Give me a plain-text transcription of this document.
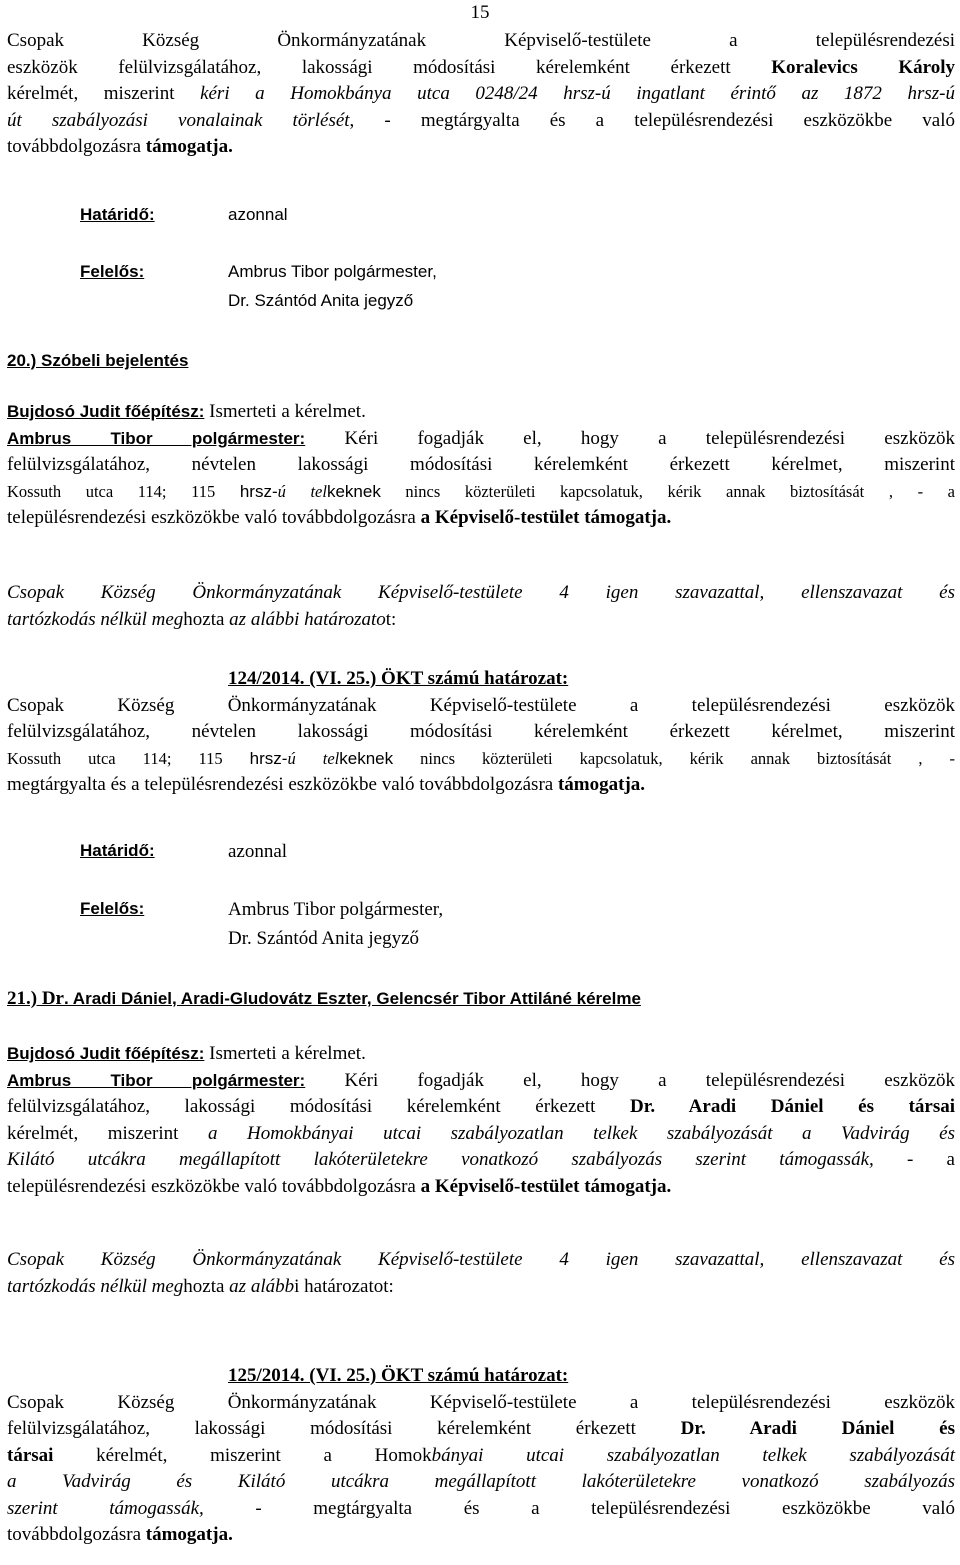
15
Csopak	Község	Önkormányzatának	Képviselő-testülete	a	településrendezési
eszközök felülvizsgálatához, lakossági módosítási kérelemként érkezett Koralevics Károly
kérelmét, miszerint kéri a Homokbánya utca 0248/24 hrsz-ú ingatlant érintő az 1872 hrsz-ú
út szabályozási vonalainak törlését, - megtárgyalta és a településrendezési eszközökbe való
továbbdolgozásra támogatja.
Határidő:	azonnal
Felelős:	Ambrus Tibor polgármester,
Dr. Szántód Anita jegyző
20.) Szóbeli bejelentés
Bujdosó Judit főépítész: Ismerteti a kérelmet.
Ambrus Tibor polgármester: Kéri fogadják el, hogy a településrendezési eszközök
felülvizsgálatához, névtelen lakossági módosítási kérelemként érkezett kérelmet, miszerint
Kossuth utca 114; 115 hrsz-ú telkeknek nincs közterületi kapcsolatuk, kérik annak biztosítását , - a
településrendezési eszközökbe való továbbdolgozásra a Képviselő-testület támogatja.
Csopak Község Önkormányzatának Képviselő-testülete 4 igen szavazattal, ellenszavazat és
tartózkodás nélkül meghozta az alábbi határozatot:
124/2014. (VI. 25.) ÖKT számú határozat:
Csopak Község Önkormányzatának Képviselő-testülete a településrendezési eszközök
felülvizsgálatához, névtelen lakossági módosítási kérelemként érkezett kérelmet, miszerint
Kossuth utca 114; 115 hrsz-ú telkeknek nincs közterületi kapcsolatuk, kérik annak biztosítását , -
megtárgyalta és a településrendezési eszközökbe való továbbdolgozásra támogatja.
Határidő:	azonnal
Felelős:	Ambrus Tibor polgármester,
Dr. Szántód Anita jegyző
21.) Dr. Aradi Dániel, Aradi-Gludovátz Eszter, Gelencsér Tibor Attiláné kérelme
Bujdosó Judit főépítész: Ismerteti a kérelmet.
Ambrus Tibor polgármester: Kéri fogadják el, hogy a településrendezési eszközök
felülvizsgálatához, lakossági módosítási kérelemként érkezett Dr. Aradi Dániel és társai
kérelmét, miszerint a Homokbányai utcai szabályozatlan telkek szabályozását a Vadvirág és
Kilátó utcákra megállapított lakóterületekre vonatkozó szabályozás szerint támogassák, - a
településrendezési eszközökbe való továbbdolgozásra a Képviselő-testület támogatja.
Csopak Község Önkormányzatának Képviselő-testülete 4 igen szavazattal, ellenszavazat és
tartózkodás nélkül meghozta az alábbi határozatot:
125/2014. (VI. 25.) ÖKT számú határozat:
Csopak Község Önkormányzatának Képviselő-testülete a településrendezési eszközök
felülvizsgálatához, lakossági módosítási kérelemként érkezett Dr. Aradi Dániel és
társai kérelmét, miszerint a Homokbányai utcai szabályozatlan telkek szabályozását
a Vadvirág és Kilátó utcákra megállapított lakóterületekre vonatkozó szabályozás
szerint támogassák, - megtárgyalta és a településrendezési eszközökbe való
továbbdolgozásra támogatja.
